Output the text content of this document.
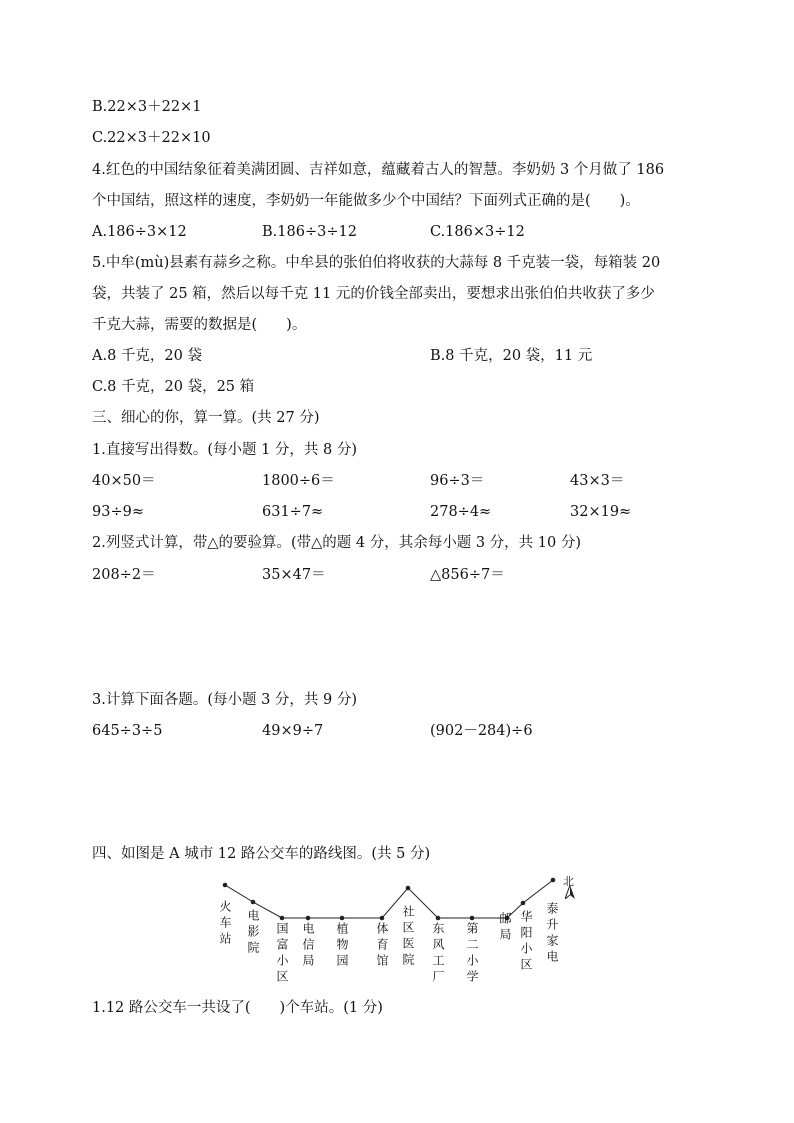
B.22×3＋22×1
C.22×3＋22×10
4.红色的中国结象征着美满团圆、吉祥如意，蕴藏着古人的智慧。李奶奶 3 个月做了 186
个中国结，照这样的速度，李奶奶一年能做多少个中国结？下面列式正确的是(　　)。
A.186÷3×12	B.186÷3÷12	C.186×3÷12
5.中牟(mù)县素有蒜乡之称。中牟县的张伯伯将收获的大蒜每 8 千克装一袋，每箱装 20
袋，共装了 25 箱，然后以每千克 11 元的价钱全部卖出，要想求出张伯伯共收获了多少
千克大蒜，需要的数据是(　　)。
A.8 千克，20 袋	B.8 千克，20 袋，11 元
C.8 千克，20 袋，25 箱
三、细心的你，算一算。(共 27 分)
1.直接写出得数。(每小题 1 分，共 8 分)
40×50＝	1800÷6＝	96÷3＝	43×3＝
93÷9≈	631÷7≈	278÷4≈	32×19≈
2.列竖式计算，带△的要验算。(带△的题 4 分，其余每小题 3 分，共 10 分)
208÷2＝	35×47＝	△856÷7＝
3.计算下面各题。(每小题 3 分，共 9 分)
645÷3÷5	49×9÷7	(902－284)÷6
四、如图是 A 城市 12 路公交车的路线图。(共 5 分)
北
火车站 电影院 国富小区 电信局 植物园 体育馆 社区医院 东风工厂 第二小学 邮局 华阳小区 泰升家电
1.12 路公交车一共设了(　　)个车站。(1 分)
